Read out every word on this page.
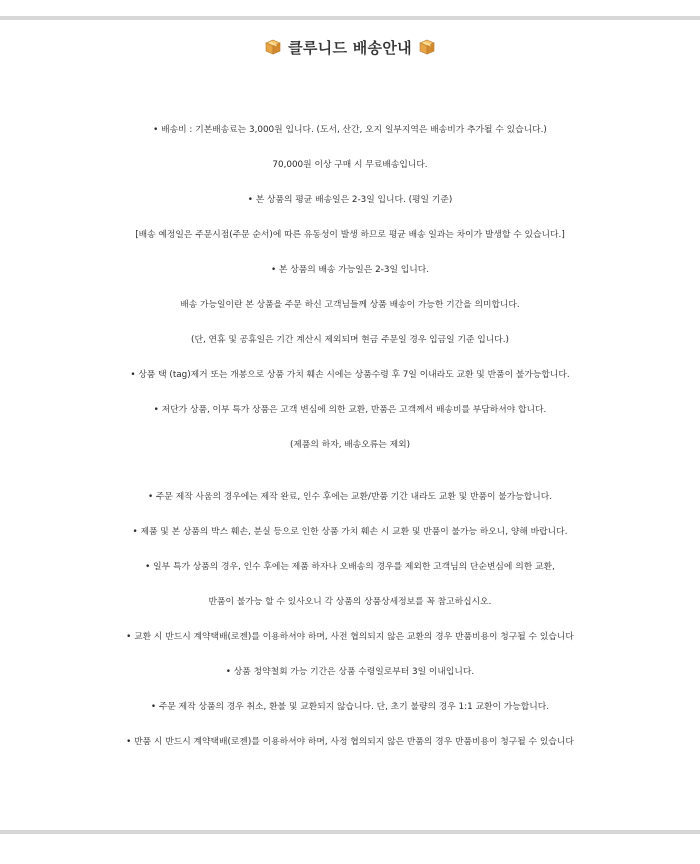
클루니드 배송안내
• 배송비 : 기본배송료는 3,000원 입니다. (도서, 산간, 오지 일부지역은 배송비가 추가될 수 있습니다.)
70,000원 이상 구매 시 무료배송입니다.
• 본 상품의 평균 배송일은 2-3일 입니다. (평일 기준)
[배송 예정일은 주문시점(주문 순서)에 따른 유동성이 발생 하므로 평균 배송 일과는 차이가 발생할 수 있습니다.]
• 본 상품의 배송 가능일은 2-3일 입니다.
배송 가능일이란 본 상품을 주문 하신 고객님들께 상품 배송이 가능한 기간을 의미합니다.
(단, 연휴 및 공휴일은 기간 계산시 제외되며 현금 주문일 경우 입금일 기준 입니다.)
• 상품 택 (tag)제거 또는 개봉으로 상품 가치 훼손 시에는 상품수령 후 7일 이내라도 교환 및 반품이 불가능합니다.
• 저단가 상품, 이부 특가 상품은 고객 변심에 의한 교환, 반품은 고객께서 배송비를 부담하셔야 합니다.
(제품의 하자, 배송오류는 제외)
• 주문 제작 사움의 경우에는 제작 완료, 인수 후에는 교환/반품 기간 내라도 교환 및 반품이 불가능합니다.
• 제품 및 본 상품의 박스 훼손, 분실 등으로 인한 상품 가치 훼손 시 교환 및 반품이 불가능 하오니, 양해 바랍니다.
• 일부 특가 상품의 경우, 인수 후에는 제품 하자나 오배송의 경우를 제외한 고객님의 단순변심에 의한 교환,
반품이 불가능 할 수 있사오니 각 상품의 상품상세정보를 꼭 참고하십시오.
• 교환 시 반드시 계약택배(로젠)를 이용하셔야 하며, 사전 협의되지 않은 교환의 경우 반품비용이 청구될 수 있습니다
• 상품 청약철회 가능 기간은 상품 수령일로부터 3일 이내입니다.
• 주문 제작 상품의 경우 취소, 환불 및 교환되지 않습니다. 단, 초기 불량의 경우 1:1 교환이 가능합니다.
• 반품 시 반드시 계약택배(로젠)를 이용하셔야 하며, 사정 협의되지 않은 반품의 경우 반품비용이 청구될 수 있습니다
